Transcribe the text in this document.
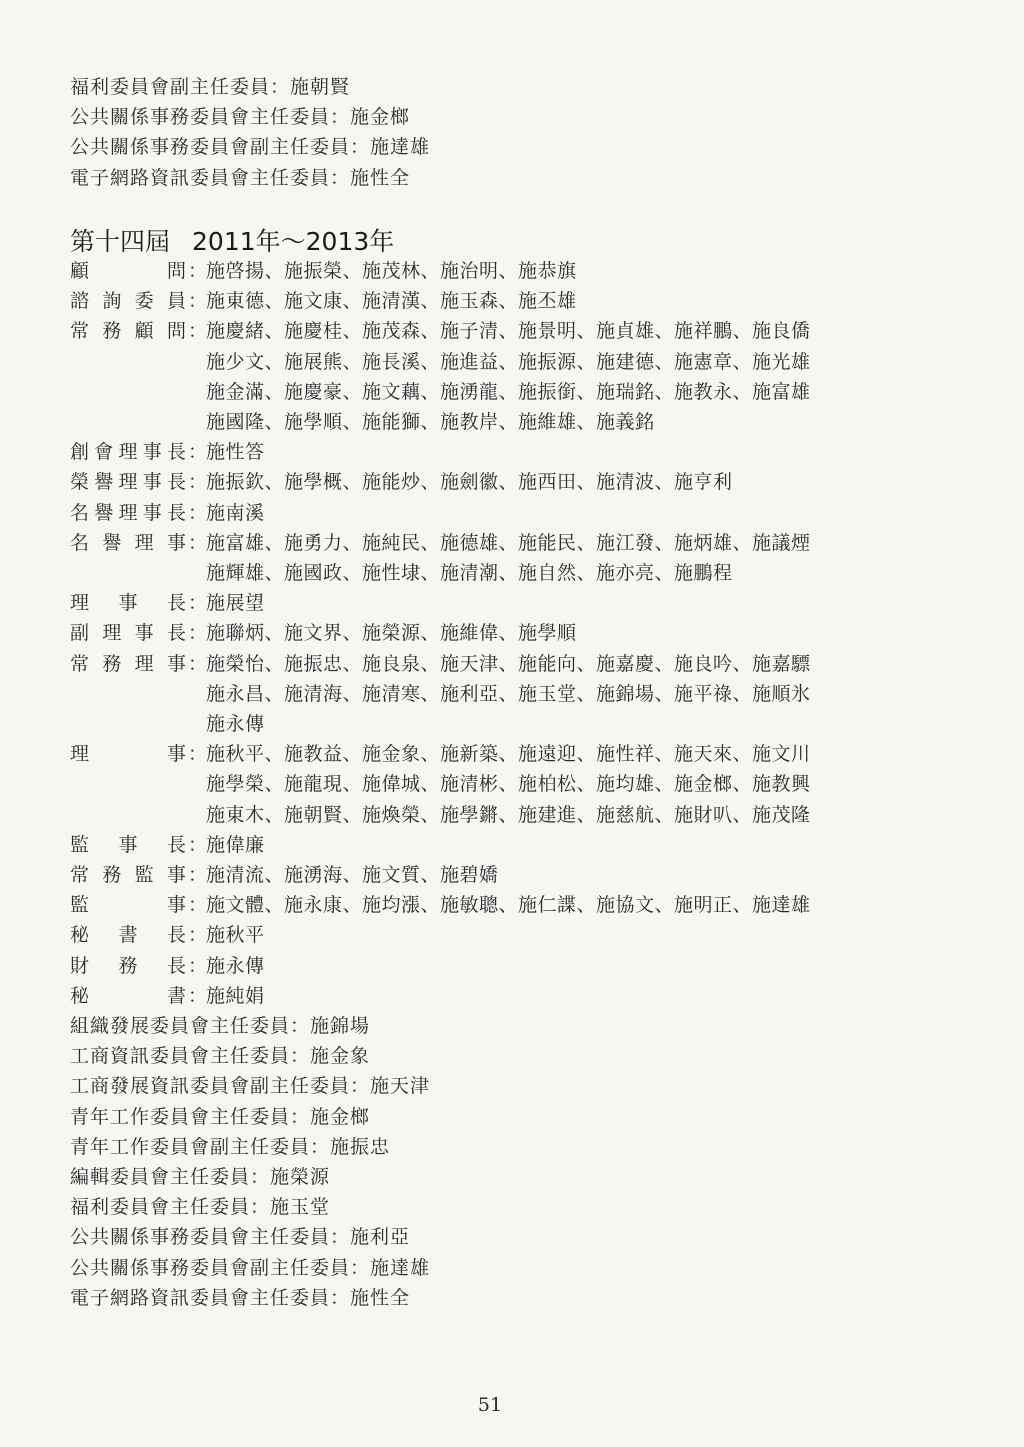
福利委員會副主任委員：施朝賢
公共關係事務委員會主任委員：施金榔
公共關係事務委員會副主任委員：施達雄
電子網路資訊委員會主任委員：施性全
第十四屆 2011年～2013年
顧	問 ：
施啓揚、施振榮、施茂林、施治明、施恭旗
諮 詢 委 員 ：
施東德、施文康、施清漢、施玉森、施丕雄
常 務 顧 問 ：
施慶緒、施慶桂、施茂森、施子清、施景明、施貞雄、施祥鵬、施良僑
施少文、施展熊、施長溪、施進益、施振源、施建德、施憲章、施光雄
施金滿、施慶豪、施文藕、施湧龍、施振銜、施瑞銘、施教永、施富雄
施國隆、施學順、施能獅、施教岸、施維雄、施義銘
創 會 理 事 長 ：
施性答
榮 譽 理 事 長 ：
施振欽、施學概、施能炒、施劍徽、施西田、施清波、施亨利
名 譽 理 事 長 ：
施南溪
名 譽 理 事 ：
施富雄、施勇力、施純民、施德雄、施能民、施江發、施炳雄、施議煙
施輝雄、施國政、施性埭、施清潮、施自然、施亦亮、施鵬程
理 事 長 ：
施展望
副 理 事 長 ：
施聯炳、施文界、施榮源、施維偉、施學順
常 務 理 事 ：
施榮怡、施振忠、施良泉、施天津、施能向、施嘉慶、施良吟、施嘉驃
施永昌、施清海、施清寒、施利亞、施玉堂、施錦場、施平祿、施順氷
施永傳
理	事 ：
施秋平、施教益、施金象、施新築、施遠迎、施性祥、施天來、施文川
施學榮、施龍現、施偉城、施清彬、施柏松、施均雄、施金榔、施教興
施東木、施朝賢、施煥榮、施學鏘、施建進、施慈航、施財叭、施茂隆
監 事 長 ：
施偉廉
常 務 監 事 ：
施清流、施湧海、施文質、施碧嬌
監	事 ：
施文體、施永康、施均漲、施敏聰、施仁諜、施協文、施明正、施達雄
秘 書 長 ：
施秋平
財 務 長 ：
施永傳
秘	書 ：
施純娟
組織發展委員會主任委員：施錦場
工商資訊委員會主任委員：施金象
工商發展資訊委員會副主任委員：施天津
青年工作委員會主任委員：施金榔
青年工作委員會副主任委員：施振忠
編輯委員會主任委員：施榮源
福利委員會主任委員：施玉堂
公共關係事務委員會主任委員：施利亞
公共關係事務委員會副主任委員：施達雄
電子網路資訊委員會主任委員：施性全
51
